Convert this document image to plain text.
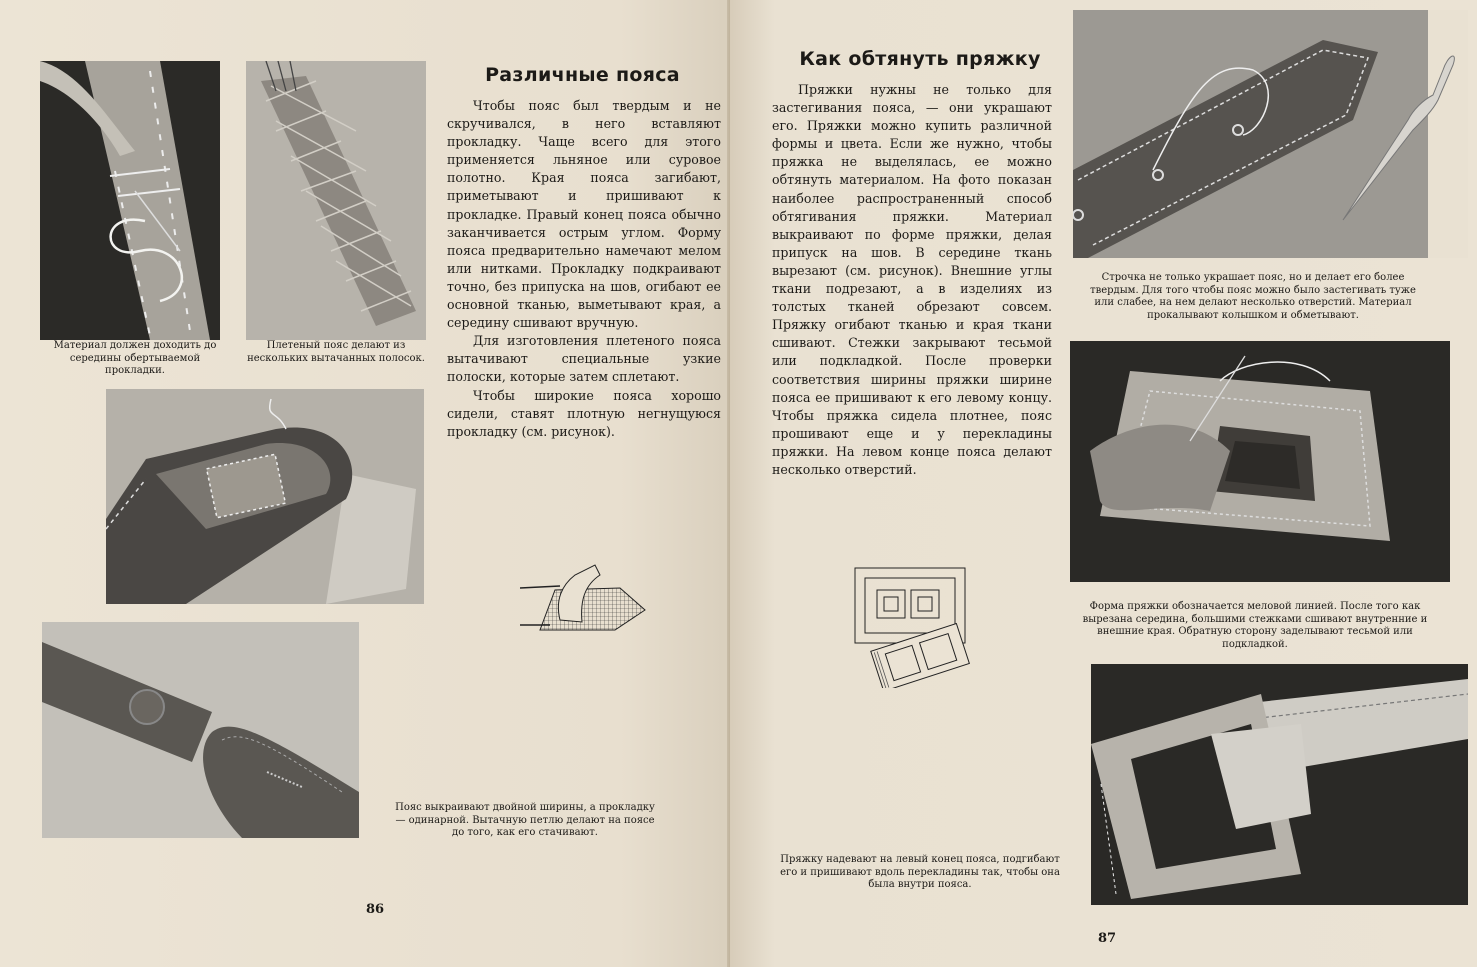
Материал должен доходить до середины обертываемой прокладки.
Плетеный пояс делают из нескольких вытачанных полосок.
Различные пояса

Чтобы пояс был твердым и не скручивался, в него вставляют прокладку. Чаще всего для этого применяется льняное или суровое полотно. Края пояса загибают, приметывают и пришивают к прокладке. Правый конец пояса обычно заканчивается острым углом. Форму пояса предварительно намечают мелом или нитками. Прокладку подкраивают точно, без припуска на шов, огибают ее основной тканью, выметывают края, а середину сшивают вручную.

Для изготовления плетеного пояса вытачивают специальные узкие полоски, которые затем сплетают.

Чтобы широкие пояса хорошо сидели, ставят плотную негнущуюся прокладку (см. рисунок).

Пояс выкраивают двойной ширины, а прокладку — одинарной. Вытачную петлю делают на поясе до того, как его стачивают.
86
Как обтянуть пряжку

Пряжки нужны не только для застегивания пояса, — они украшают его. Пряжки можно купить различной формы и цвета. Если же нужно, чтобы пряжка не выделялась, ее можно обтянуть материалом. На фото показан наиболее распространенный способ обтягивания пряжки. Материал выкраивают по форме пряжки, делая припуск на шов. В середине ткань вырезают (см. рисунок). Внешние углы ткани подрезают, а в изделиях из толстых тканей обрезают совсем. Пряжку огибают тканью и края ткани сшивают. Стежки закрывают тесьмой или подкладкой. После проверки соответствия ширины пряжки ширине пояса ее пришивают к его левому концу. Чтобы пряжка сидела плотнее, пояс прошивают еще и у перекладины пряжки. На левом конце пояса делают несколько отверстий.

Строчка не только украшает пояс, но и делает его более твердым. Для того чтобы пояс можно было застегивать туже или слабее, на нем делают несколько отверстий. Материал прокалывают колышком и обметывают.
Форма пряжки обозначается меловой линией. После того как вырезана середина, большими стежками сшивают внутренние и внешние края. Обратную сторону заделывают тесьмой или подкладкой.
Пряжку надевают на левый конец пояса, подгибают его и пришивают вдоль перекладины так, чтобы она была внутри пояса.
87
